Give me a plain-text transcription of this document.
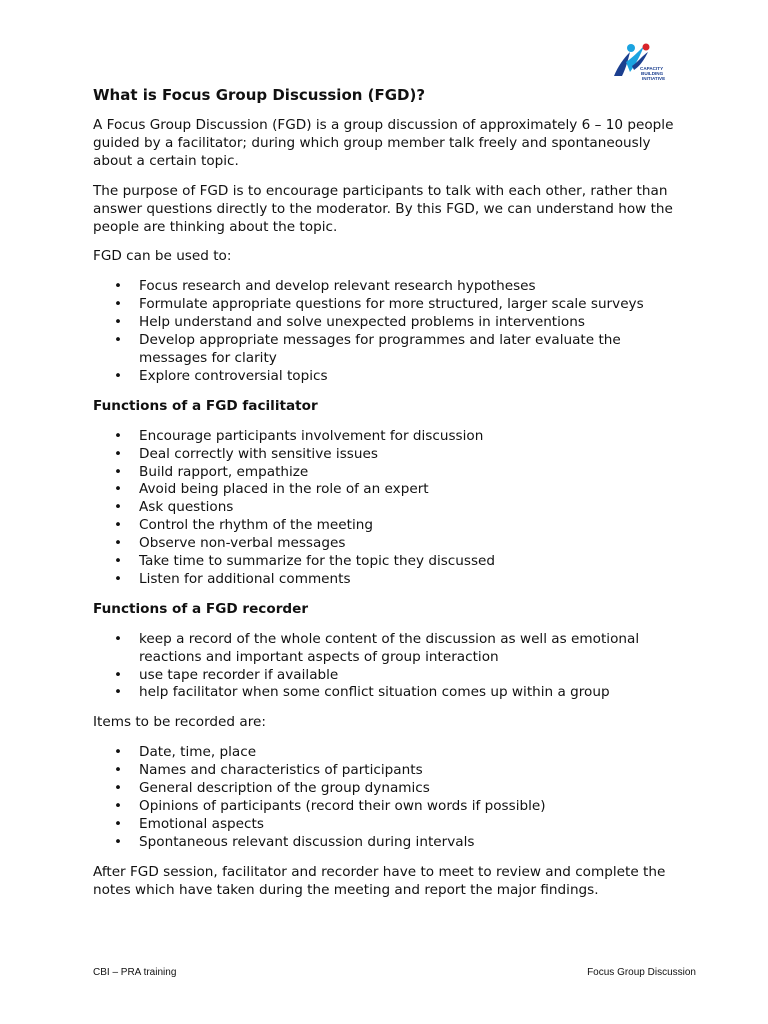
CAPACITY
BUILDING
INITIATIVE
What is Focus Group Discussion (FGD)?

A Focus Group Discussion (FGD) is a group discussion of approximately 6 – 10 people guided by a facilitator; during which group member talk freely and spontaneously about a certain topic.

The purpose of FGD is to encourage participants to talk with each other, rather than answer questions directly to the moderator. By this FGD, we can understand how the people are thinking about the topic.

FGD can be used to:

• Focus research and develop relevant research hypotheses
• Formulate appropriate questions for more structured, larger scale surveys
• Help understand and solve unexpected problems in interventions
• Develop appropriate messages for programmes and later evaluate the messages for clarity
• Explore controversial topics
Functions of a FGD facilitator
• Encourage participants involvement for discussion
• Deal correctly with sensitive issues
• Build rapport, empathize
• Avoid being placed in the role of an expert
• Ask questions
• Control the rhythm of the meeting
• Observe non-verbal messages
• Take time to summarize for the topic they discussed
• Listen for additional comments
Functions of a FGD recorder
• keep a record of the whole content of the discussion as well as emotional reactions and important aspects of group interaction
• use tape recorder if available
• help facilitator when some conflict situation comes up within a group

Items to be recorded are:

• Date, time, place
• Names and characteristics of participants
• General description of the group dynamics
• Opinions of participants (record their own words if possible)
• Emotional aspects
• Spontaneous relevant discussion during intervals

After FGD session, facilitator and recorder have to meet to review and complete the notes which have taken during the meeting and report the major findings.

CBI – PRA training	Focus Group Discussion
